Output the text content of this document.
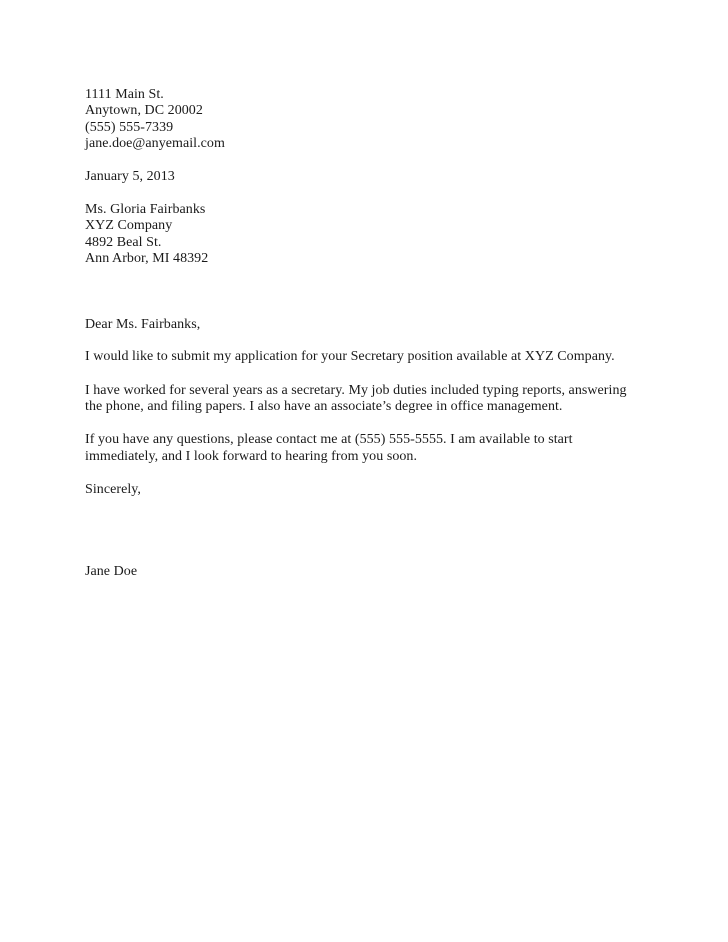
1111 Main St.
Anytown, DC 20002
(555) 555-7339
jane.doe@anyemail.com
January 5, 2013
Ms. Gloria Fairbanks
XYZ Company
4892 Beal St.
Ann Arbor, MI 48392
Dear Ms. Fairbanks,
I would like to submit my application for your Secretary position available at XYZ Company.
I have worked for several years as a secretary. My job duties included typing reports, answering
the phone, and filing papers. I also have an associate’s degree in office management.
If you have any questions, please contact me at (555) 555-5555. I am available to start
immediately, and I look forward to hearing from you soon.
Sincerely,
Jane Doe
